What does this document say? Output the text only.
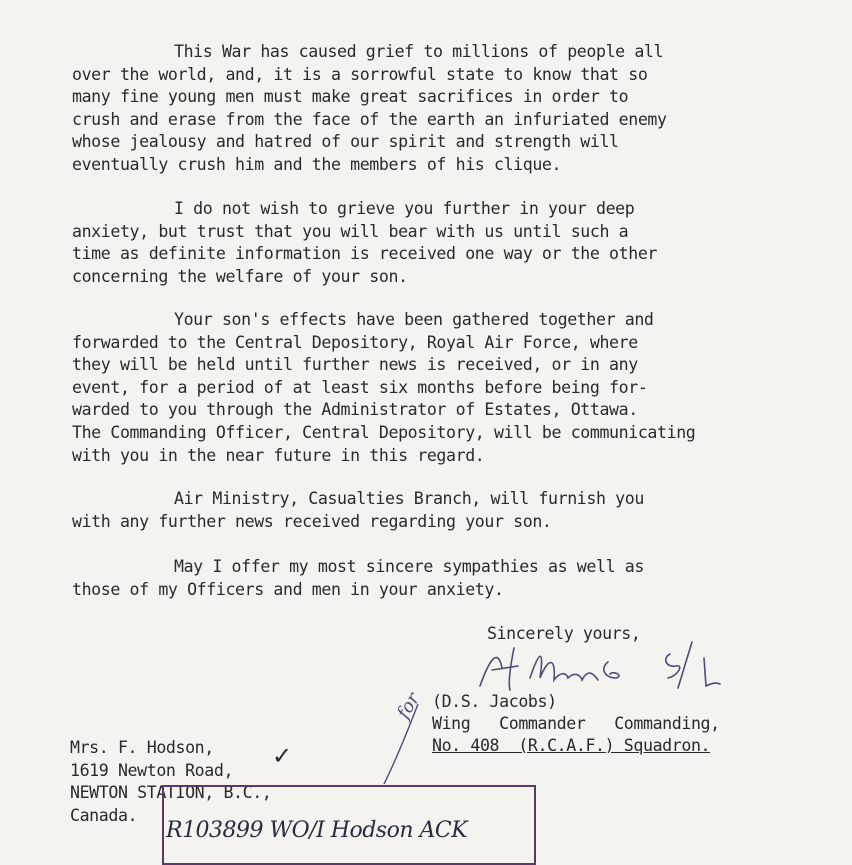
This War has caused grief to millions of people all
over the world, and, it is a sorrowful state to know that so
many fine young men must make great sacrifices in order to
crush and erase from the face of the earth an infuriated enemy
whose jealousy and hatred of our spirit and strength will
eventually crush him and the members of his clique.
I do not wish to grieve you further in your deep
anxiety, but trust that you will bear with us until such a
time as definite information is received one way or the other
concerning the welfare of your son.
Your son's effects have been gathered together and
forwarded to the Central Depository, Royal Air Force, where
they will be held until further news is received, or in any
event, for a period of at least six months before being for-
warded to you through the Administrator of Estates, Ottawa.
The Commanding Officer, Central Depository, will be communicating
with you in the near future in this regard.
Air Ministry, Casualties Branch, will furnish you
with any further news received regarding your son.
May I offer my most sincere sympathies as well as
those of my Officers and men in your anxiety.
Sincerely yours,
for (D.S. Jacobs)
Wing   Commander   Commanding,
No. 408  (R.C.A.F.) Squadron.
Mrs. F. Hodson,
1619 Newton Road,
NEWTON STATION, B.C.,
Canada.
✓
R103899 WO/I Hodson ACK
